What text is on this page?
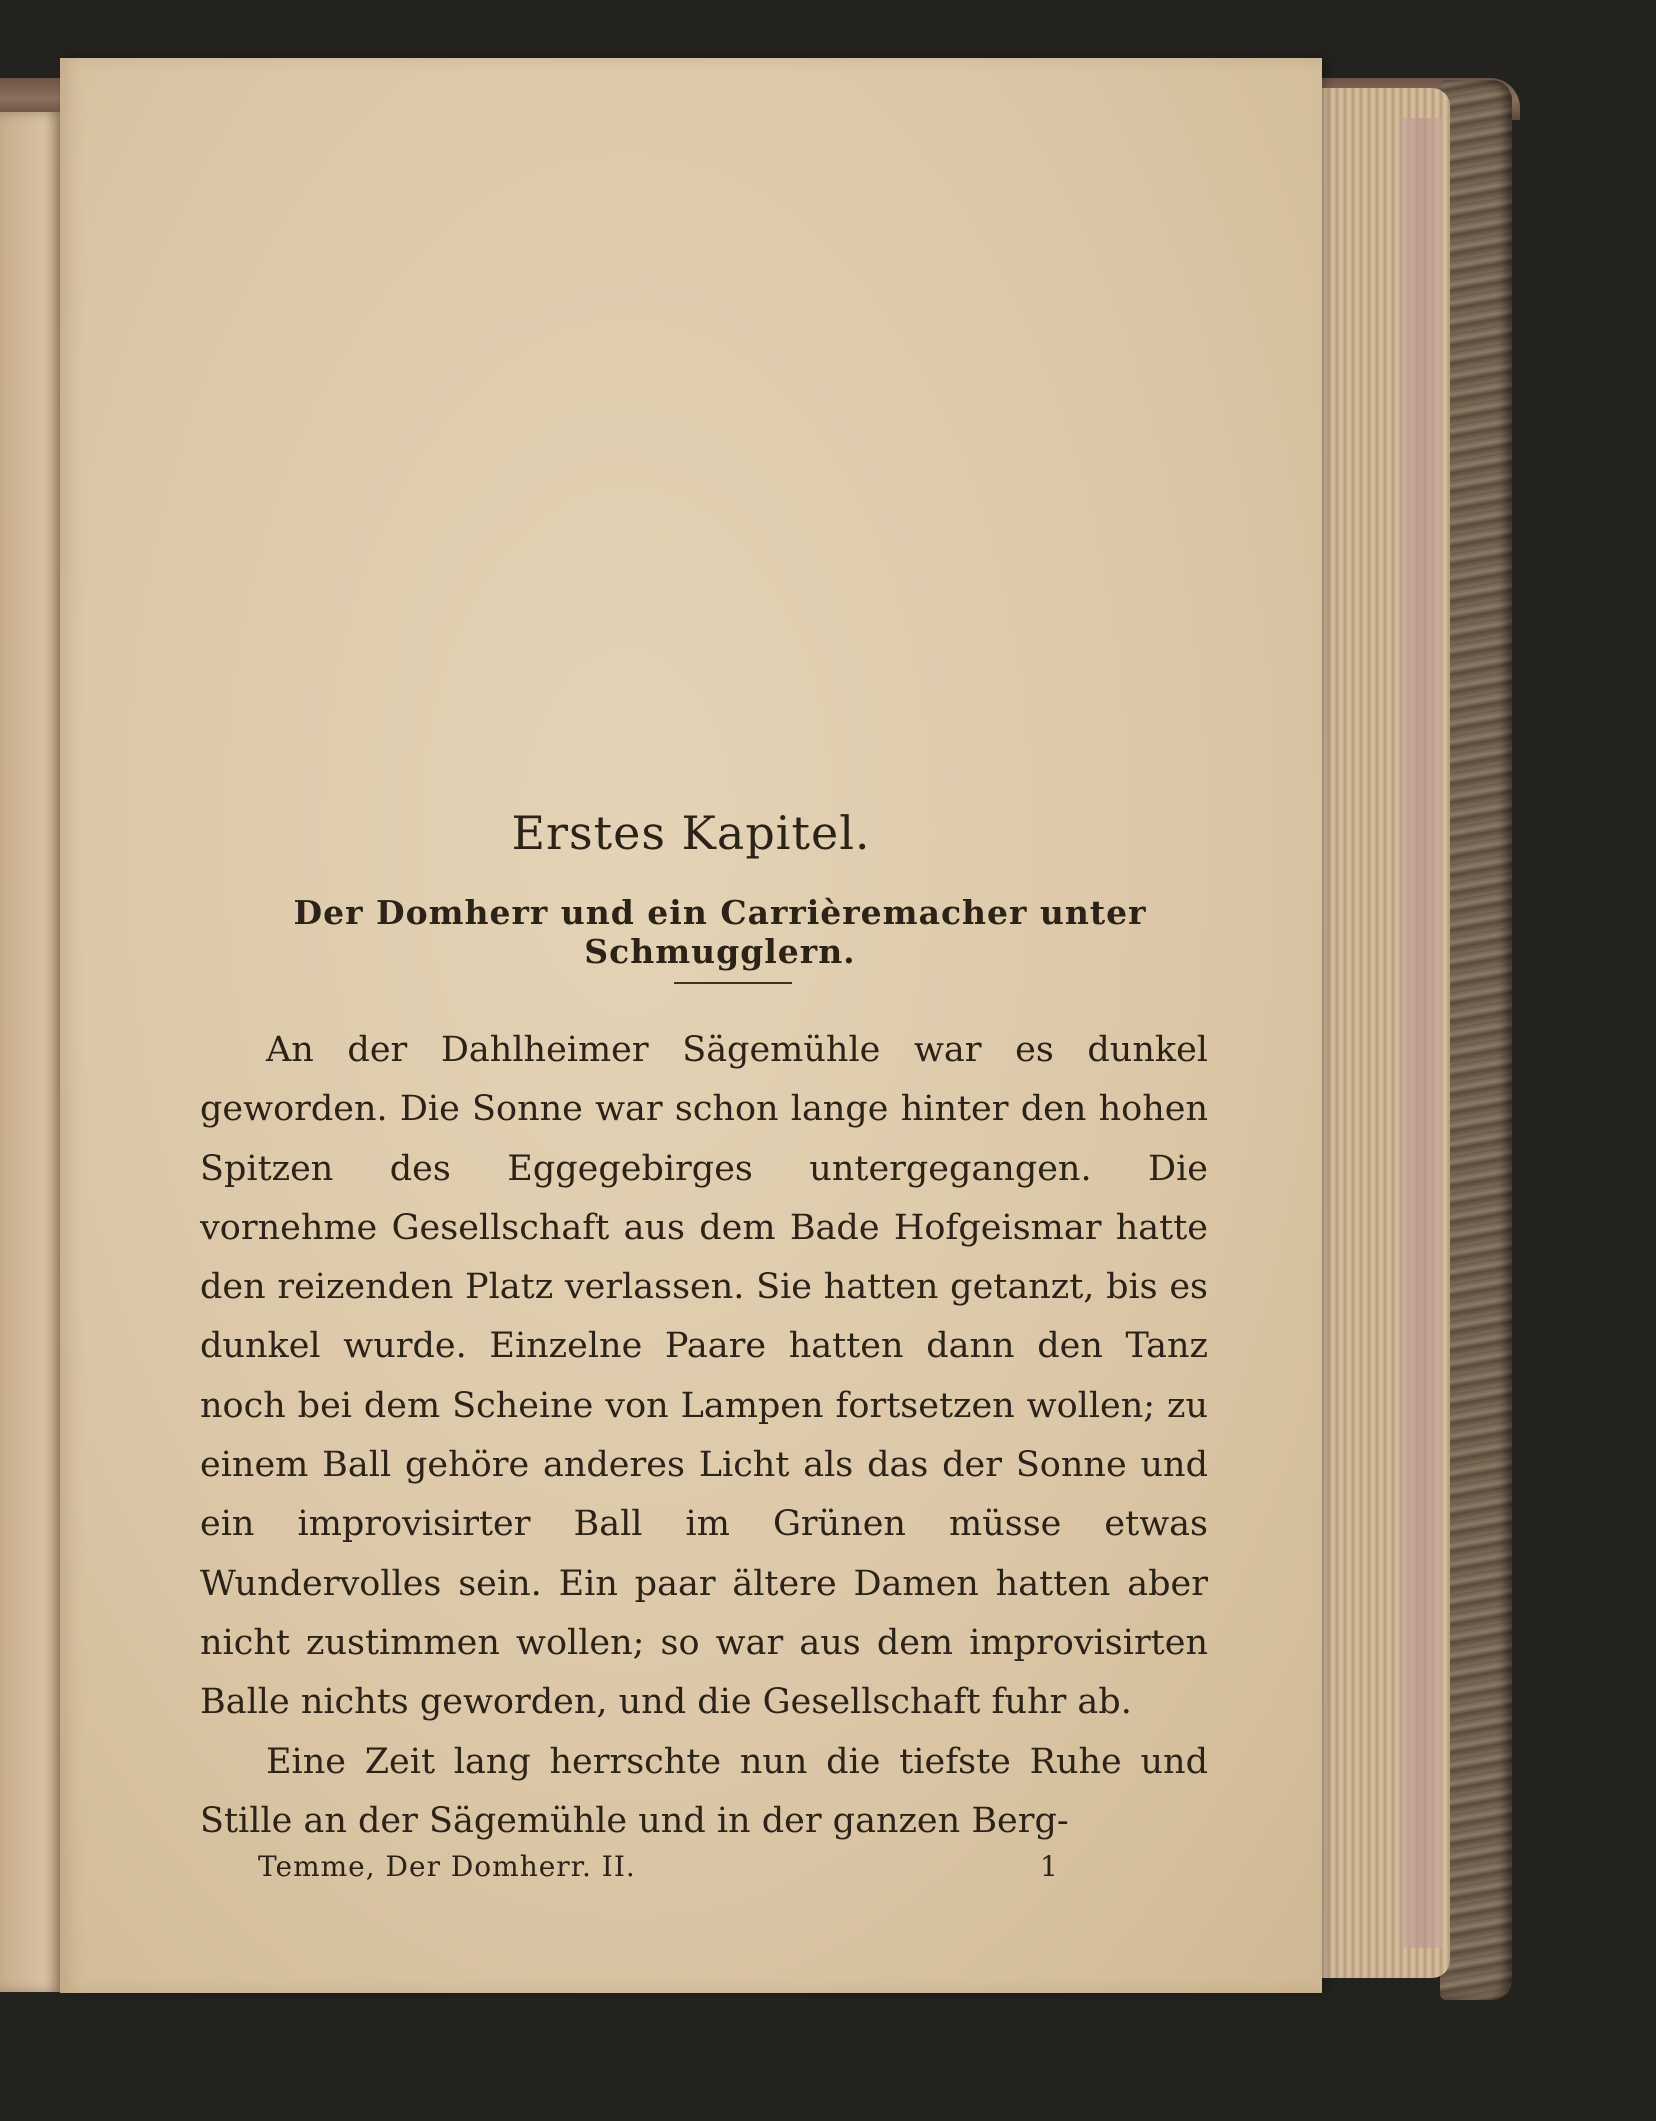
Erstes Kapitel.
Der Domherr und ein Carrièremacher unter Schmugglern.

An der Dahlheimer Sägemühle war es dunkel geworden. Die Sonne war schon lange hinter den hohen Spitzen des Eggegebirges untergegangen. Die vornehme Gesellschaft aus dem Bade Hofgeismar hatte den reizenden Platz verlassen. Sie hatten getanzt, bis es dunkel wurde. Einzelne Paare hatten dann den Tanz noch bei dem Scheine von Lampen fortsetzen wollen; zu einem Ball gehöre anderes Licht als das der Sonne und ein improvisirter Ball im Grünen müsse etwas Wundervolles sein. Ein paar ältere Damen hatten aber nicht zustimmen wollen; so war aus dem improvisirten Balle nichts geworden, und die Gesellschaft fuhr ab.

Eine Zeit lang herrschte nun die tiefste Ruhe und Stille an der Sägemühle und in der ganzen Berg-

Temme, Der Domherr. II.	1
